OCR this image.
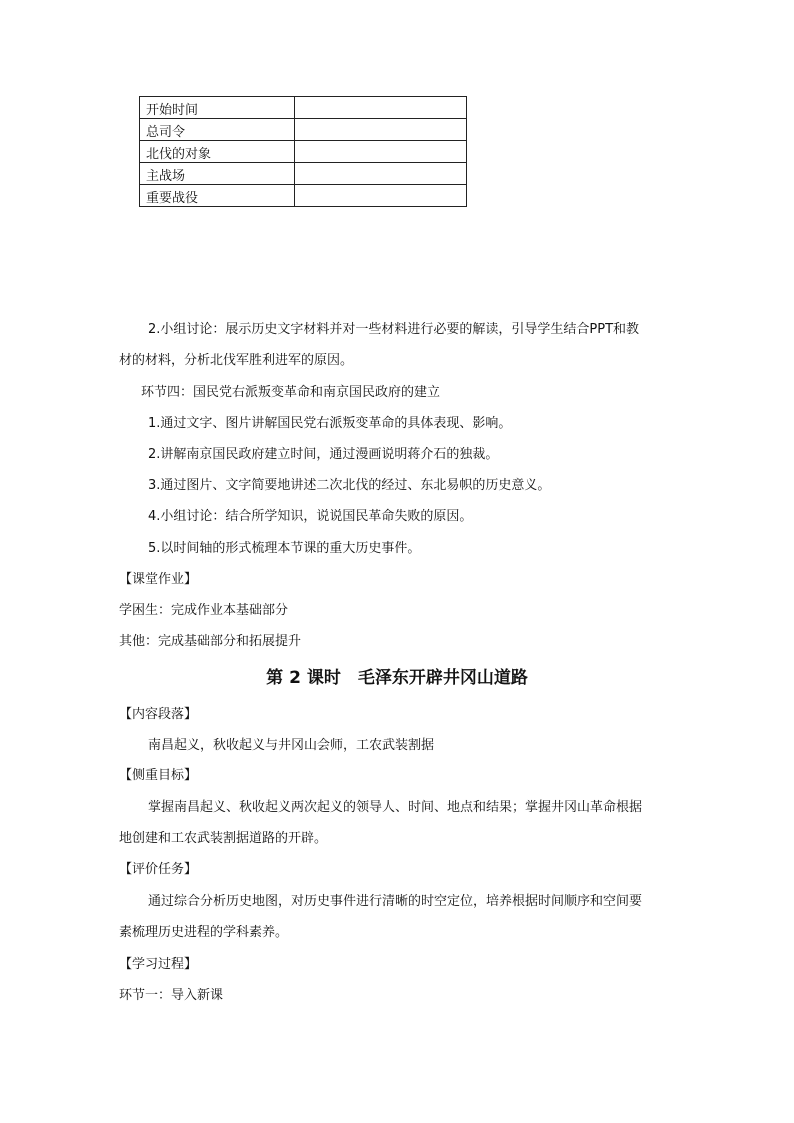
开始时间	
总司令	
北伐的对象	
主战场	
重要战役	
2.小组讨论：展示历史文字材料并对一些材料进行必要的解读，引导学生结合PPT和教
材的材料，分析北伐军胜利进军的原因。
环节四：国民党右派叛变革命和南京国民政府的建立
1.通过文字、图片讲解国民党右派叛变革命的具体表现、影响。
2.讲解南京国民政府建立时间，通过漫画说明蒋介石的独裁。
3.通过图片、文字简要地讲述二次北伐的经过、东北易帜的历史意义。
4.小组讨论：结合所学知识，说说国民革命失败的原因。
5.以时间轴的形式梳理本节课的重大历史事件。
【课堂作业】
学困生：完成作业本基础部分
其他：完成基础部分和拓展提升
第 2 课时　毛泽东开辟井冈山道路
【内容段落】
南昌起义，秋收起义与井冈山会师，工农武装割据
【侧重目标】
掌握南昌起义、秋收起义两次起义的领导人、时间、地点和结果；掌握井冈山革命根据
地创建和工农武装割据道路的开辟。
【评价任务】
通过综合分析历史地图，对历史事件进行清晰的时空定位，培养根据时间顺序和空间要
素梳理历史进程的学科素养。
【学习过程】
环节一：导入新课
